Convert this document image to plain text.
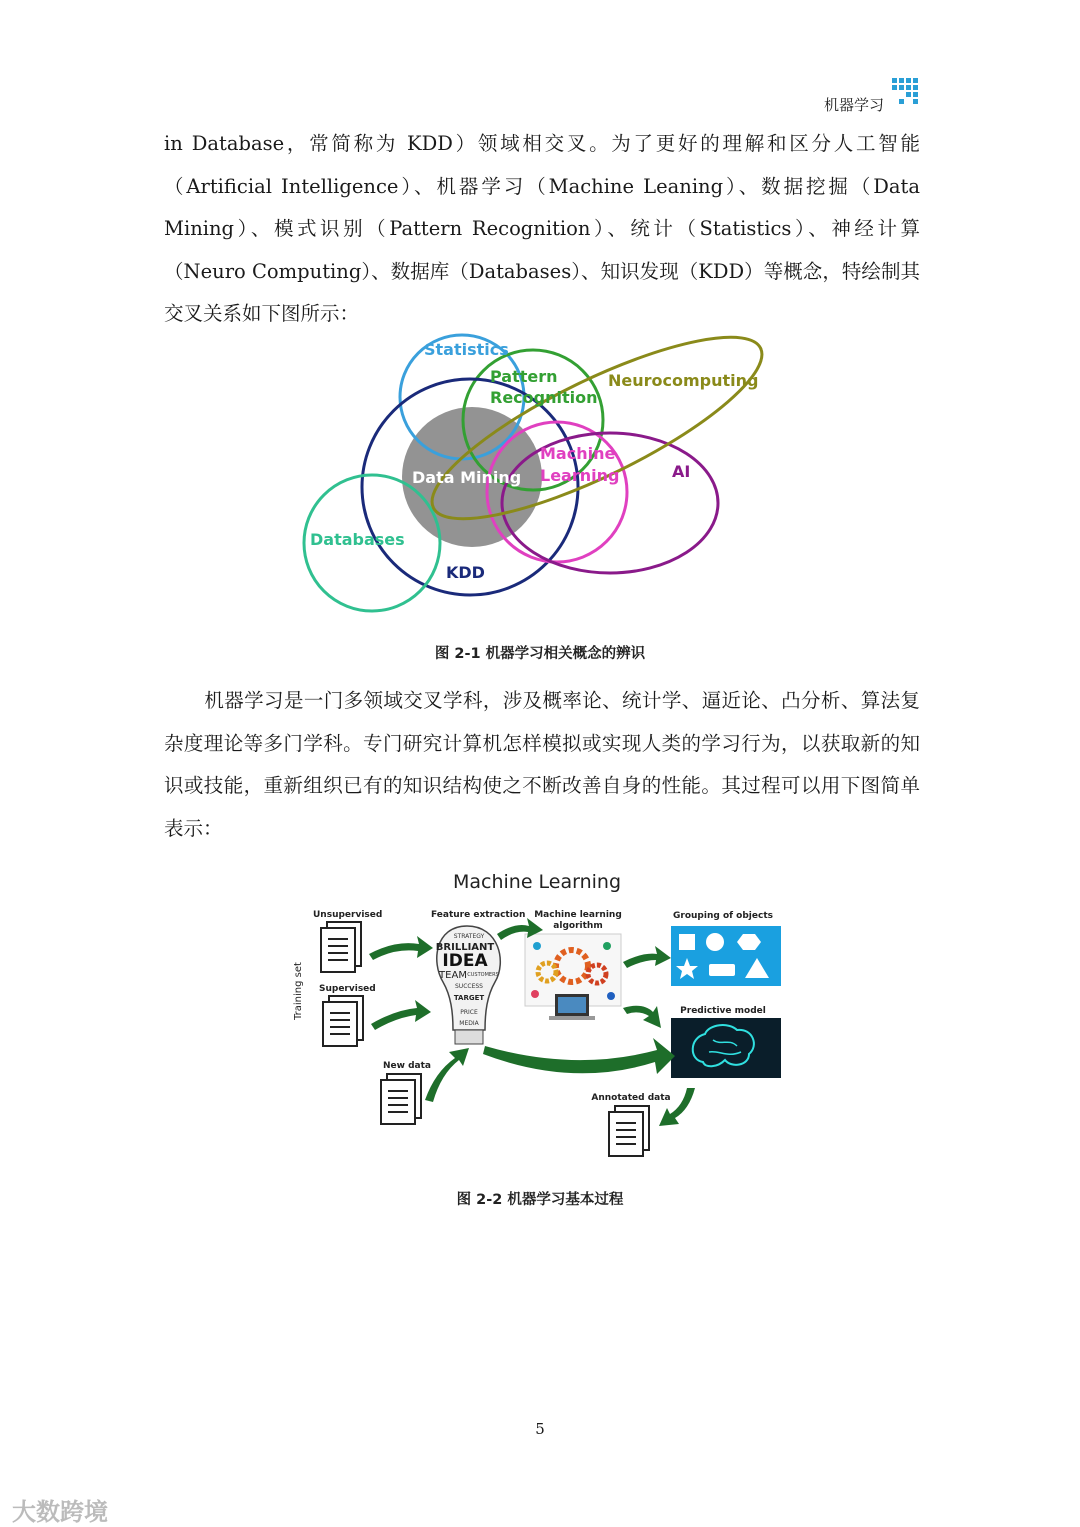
机器学习
in Database，常简称为 KDD）领域相交叉。为了更好的理解和区分人工智能（Artificial Intelligence）、机器学习（Machine Leaning）、数据挖掘（Data Mining）、模式识别（Pattern Recognition）、统计（Statistics）、神经计算（Neuro Computing）、数据库（Databases）、知识发现（KDD）等概念，特绘制其交叉关系如下图所示：
Statistics
Pattern
Recognition
Neurocomputing
Machine
Learning
Data Mining	AI
Databases
KDD
图 2-1 机器学习相关概念的辨识
机器学习是一门多领域交叉学科，涉及概率论、统计学、逼近论、凸分析、算法复杂度理论等多门学科。专门研究计算机怎样模拟或实现人类的学习行为，以获取新的知识或技能，重新组织已有的知识结构使之不断改善自身的性能。其过程可以用下图简单表示：
Machine Learning
Unsupervised
Supervised
Training set
New data
Feature extraction Machine learning
algorithm
Grouping of objects
Predictive model
Annotated data
STRATEGY
BRILLIANT
IDEA
TEAM CUSTOMERS
SUCCESS
TARGET
PRICE
MEDIA
图 2-2 机器学习基本过程
5
大数跨境
